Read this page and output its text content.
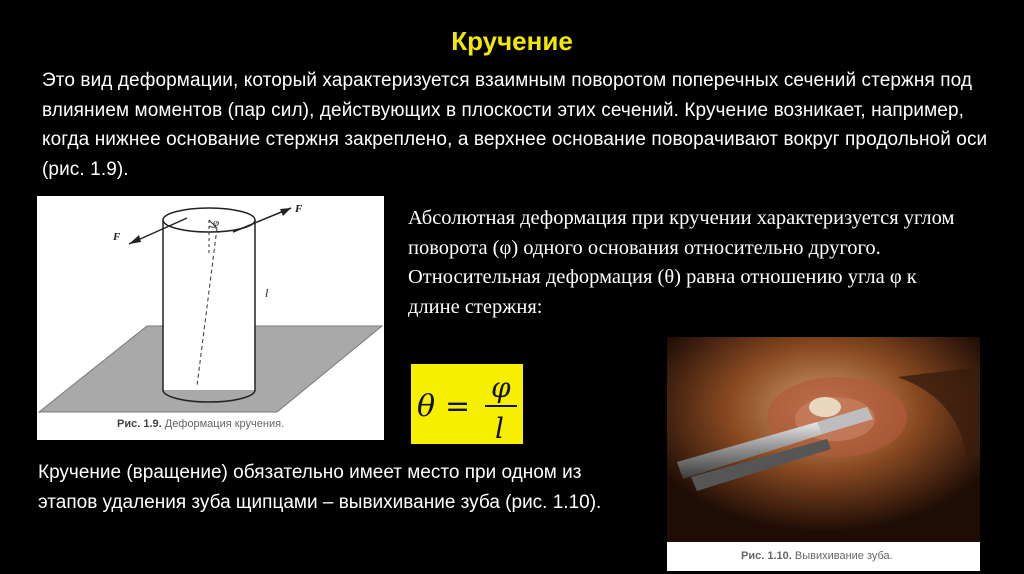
Кручение
Это вид деформации, который характеризуется взаимным поворотом поперечных сечений стержня под влиянием моментов (пар сил), действующих в плоскости этих сечений. Кручение возникает, например, когда нижнее основание стержня закреплено, а верхнее основание поворачивают вокруг продольной оси (рис. 1.9).
F
F
φ
l
Рис. 1.9. Деформация кручения.
Абсолютная деформация при кручении характеризуется углом поворота (φ) одного основания относительно другого. Относительная деформация (θ) равна отношению угла φ к длине стержня:
θ =
φ
l
Кручение (вращение) обязательно имеет место при одном из этапов удаления зуба щипцами – вывихивание зуба (рис. 1.10).
Рис. 1.10. Вывихивание зуба.
